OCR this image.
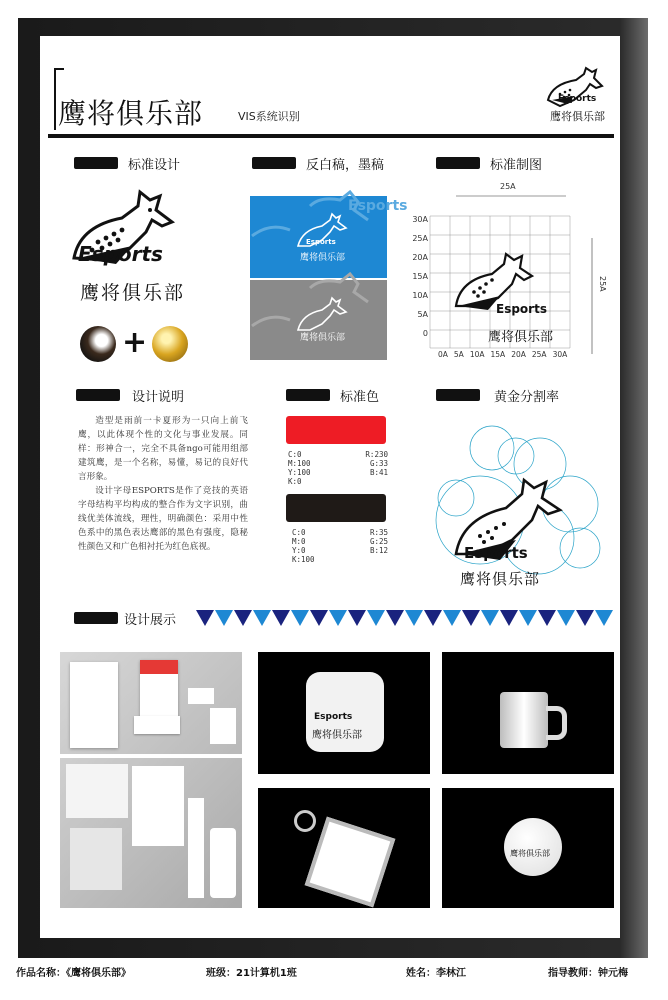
鹰将俱乐部	VIS系统识别
Esports
鹰将俱乐部
标准设计	反白稿，墨稿	标准制图
Esports
鹰将俱乐部
+
Esports
鹰将俱乐部
Esports
鹰将俱乐部
25A
25A
30A
25A
20A
15A
10A
5A
0
0A 5A 10A 15A 20A 25A 30A
Esports
鹰将俱乐部
设计说明	标准色	黄金分割率

造型是雨前一卡夏形为一只向上前飞鹰，以此体现个性的文化与事业发展。同样：形神合一，完全不具备ngo可能用组部建筑鹰，是一个名称，易懂，易记的良好代言形象。

设计字母ESPORTS是作了竞技的英语字母结构平均构成的整合作为文字识别，曲线优美体流线，理性，明确颜色：采用中性色系中的黑色表达鹰部的黑色有强度，隐秘性颜色又和广色相衬托为红色底视。

C:0	R:230
M:100	G:33
Y:100	B:41
K:0
C:0	R:35
M:0	G:25
Y:0	B:12
K:100	Esports
鹰将俱乐部
设计展示
Esports
鹰将俱乐部
鹰将俱乐部
作品名称：《鹰将俱乐部》	班级：21计算机1班	姓名：李林江	指导教师：钟元梅
